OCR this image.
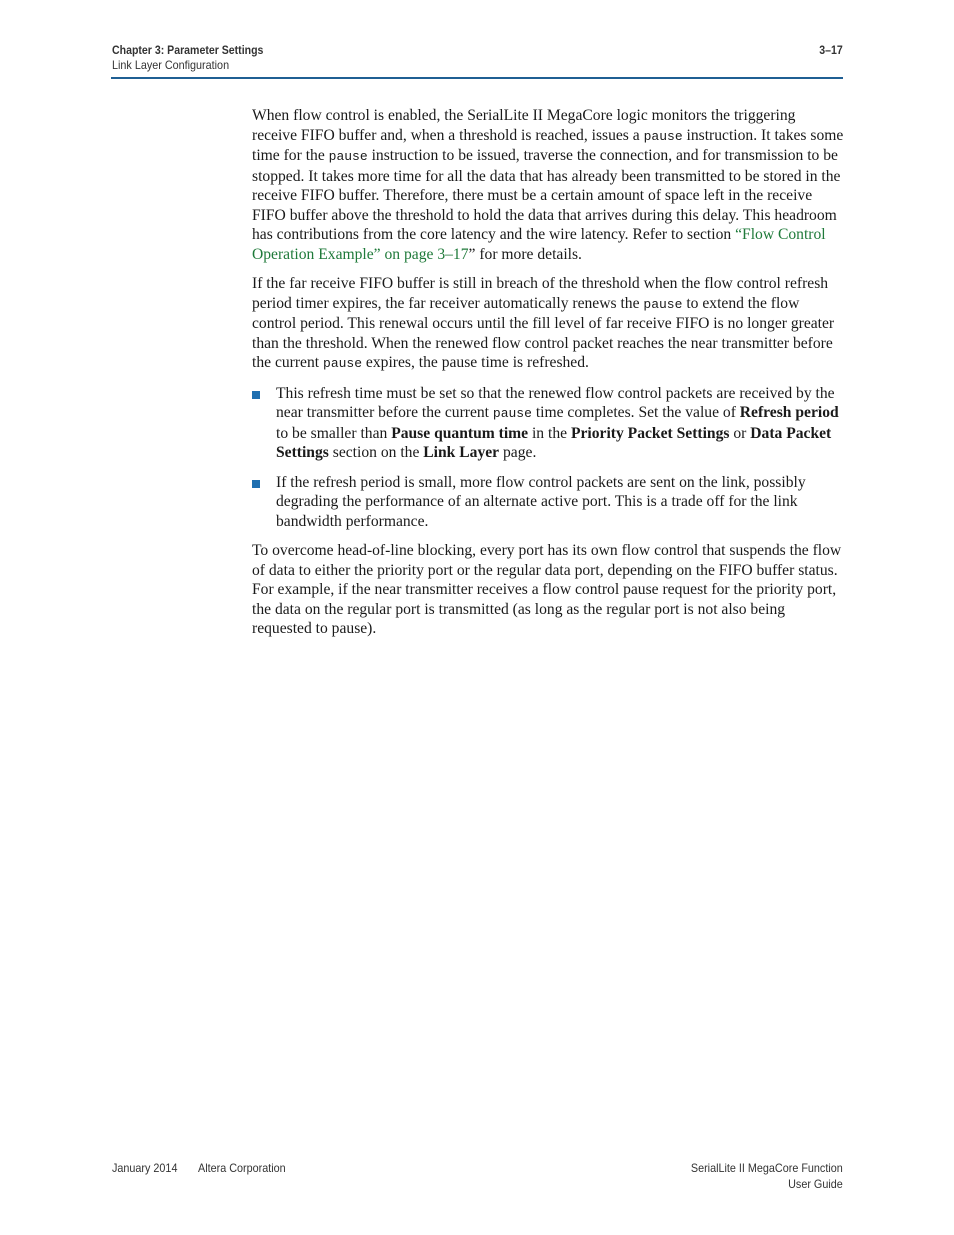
Chapter 3: Parameter Settings	3–17
Link Layer Configuration

When flow control is enabled, the SerialLite II MegaCore logic monitors the triggering receive FIFO buffer and, when a threshold is reached, issues a pause instruction. It takes some time for the pause instruction to be issued, traverse the connection, and for transmission to be stopped. It takes more time for all the data that has already been transmitted to be stored in the receive FIFO buffer. Therefore, there must be a certain amount of space left in the receive FIFO buffer above the threshold to hold the data that arrives during this delay. This headroom has contributions from the core latency and the wire latency. Refer to section “Flow Control Operation Example” on page 3–17” for more details.

If the far receive FIFO buffer is still in breach of the threshold when the flow control refresh period timer expires, the far receiver automatically renews the pause to extend the flow control period. This renewal occurs until the fill level of far receive FIFO is no longer greater than the threshold. When the renewed flow control packet reaches the near transmitter before the current pause expires, the pause time is refreshed.

This refresh time must be set so that the renewed flow control packets are received by the near transmitter before the current pause time completes. Set the value of Refresh period to be smaller than Pause quantum time in the Priority Packet Settings or Data Packet Settings section on the Link Layer page.
If the refresh period is small, more flow control packets are sent on the link, possibly degrading the performance of an alternate active port. This is a trade off for the link bandwidth performance.

To overcome head-of-line blocking, every port has its own flow control that suspends the flow of data to either the priority port or the regular data port, depending on the FIFO buffer status. For example, if the near transmitter receives a flow control pause request for the priority port, the data on the regular port is transmitted (as long as the regular port is not also being requested to pause).

January 2014 Altera Corporation	SerialLite II MegaCore Function
User Guide
